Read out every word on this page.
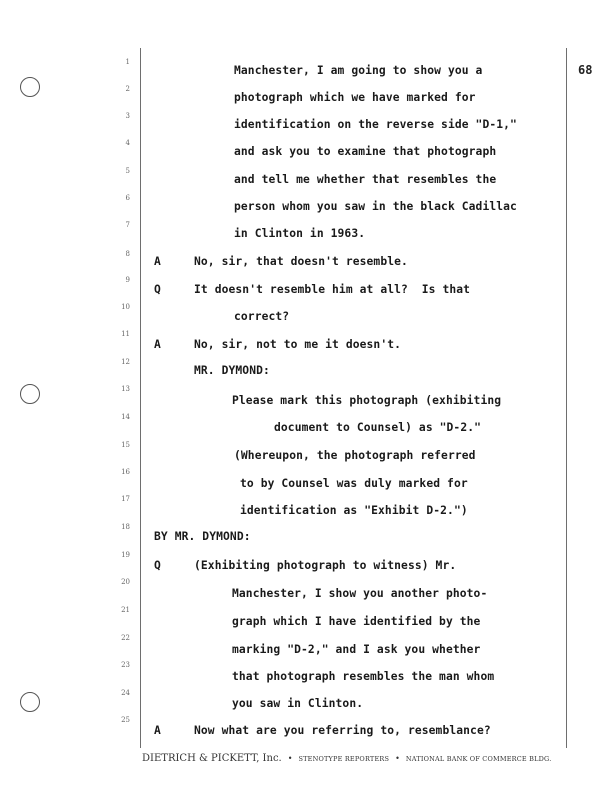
68
1
2
3
4
5
6
7
8
9
10
11
12
13
14
15
16
17
18
19
20
21
22
23
24
25
Manchester, I am going to show you a
photograph which we have marked for
identification on the reverse side "D-1,"
and ask you to examine that photograph
and tell me whether that resembles the
person whom you saw in the black Cadillac
in Clinton in 1963.
A	No, sir, that doesn't resemble.
Q	It doesn't resemble him at all?  Is that
correct?
A	No, sir, not to me it doesn't.
MR. DYMOND:
Please mark this photograph (exhibiting
document to Counsel) as "D-2."
(Whereupon, the photograph referred
to by Counsel was duly marked for
identification as "Exhibit D-2.")
BY MR. DYMOND:
Q	(Exhibiting photograph to witness) Mr.
Manchester, I show you another photo-
graph which I have identified by the
marking "D-2," and I ask you whether
that photograph resembles the man whom
you saw in Clinton.
A	Now what are you referring to, resemblance?
DIETRICH & PICKETT, Inc. • STENOTYPE REPORTERS • NATIONAL BANK OF COMMERCE BLDG.
